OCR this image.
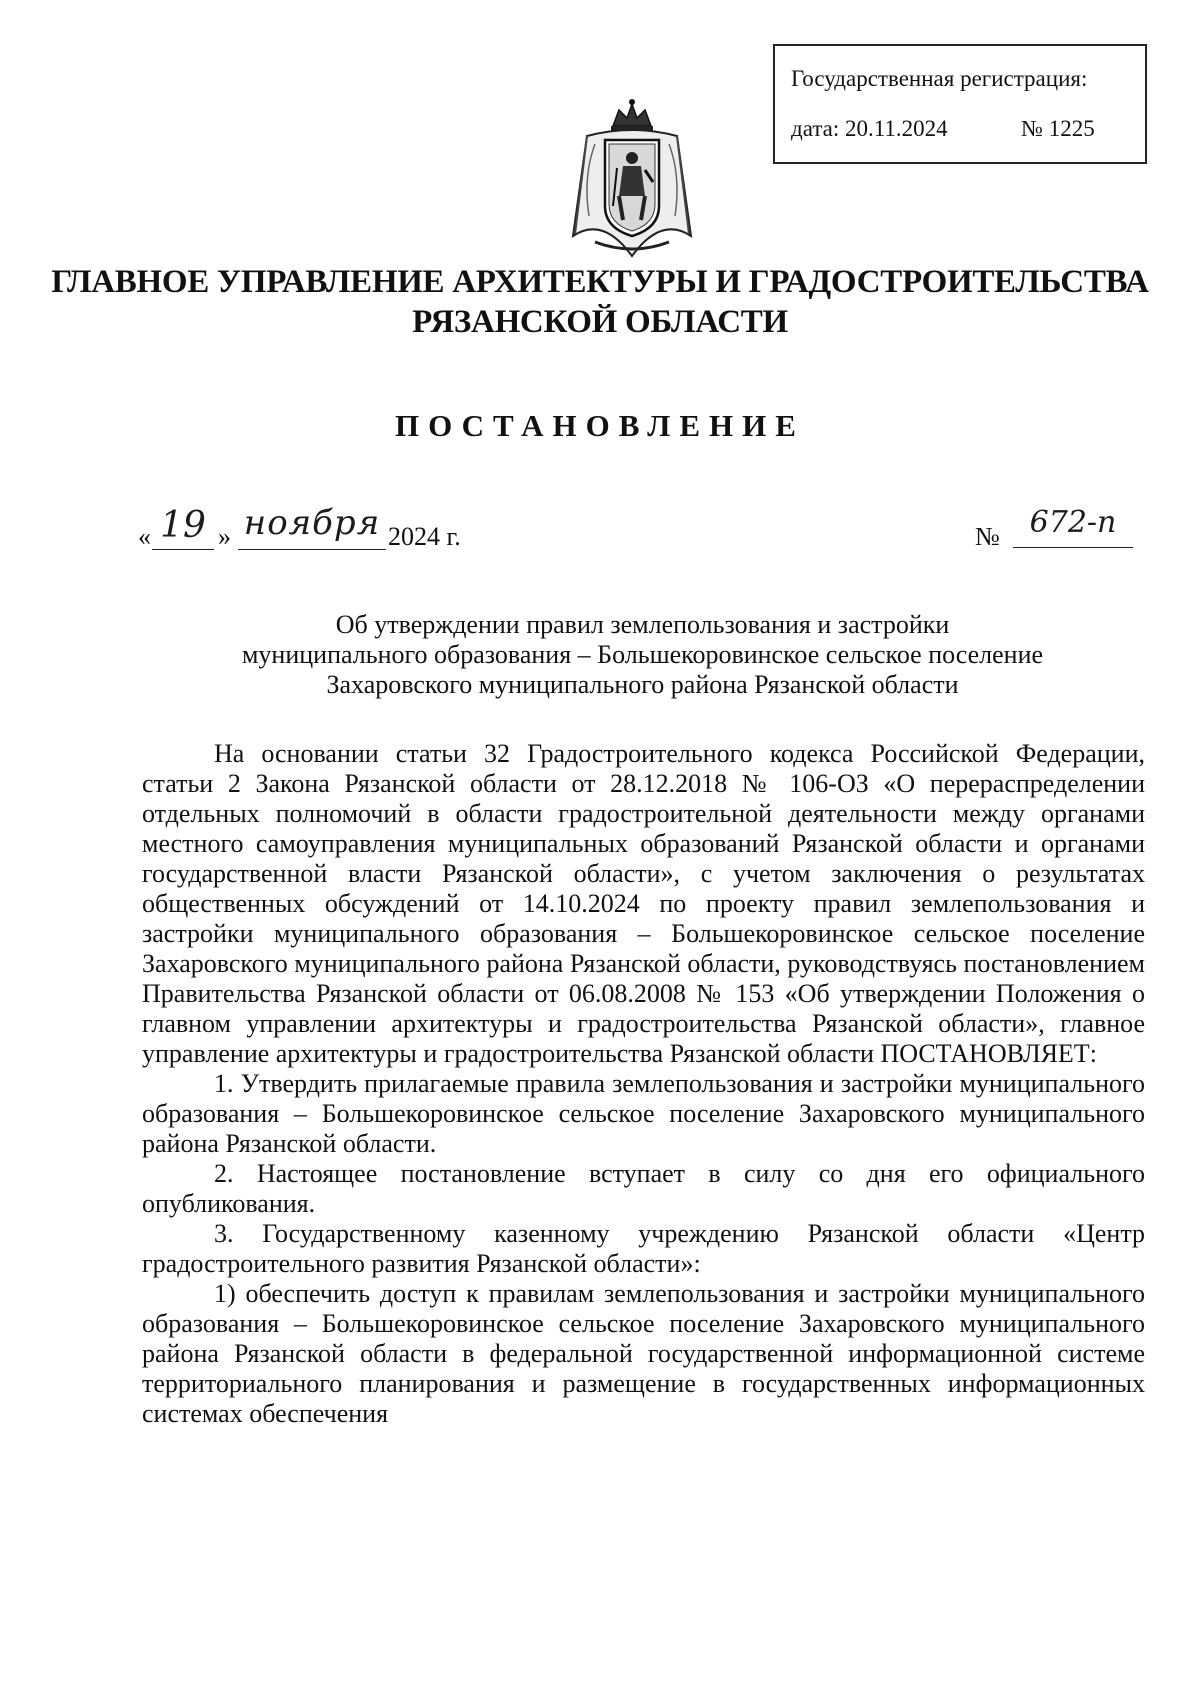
Государственная регистрация:
дата: 20.11.2024	№ 1225
ГЛАВНОЕ УПРАВЛЕНИЕ АРХИТЕКТУРЫ И ГРАДОСТРОИТЕЛЬСТВА
РЯЗАНСКОЙ ОБЛАСТИ
ПОСТАНОВЛЕНИЕ
« 19 » ноября 2024 г.	№ 672-п
Об утверждении правил землепользования и застройки
муниципального образования – Большекоровинское сельское поселение
Захаровского муниципального района Рязанской области

На основании статьи 32 Градостроительного кодекса Российской Федерации, статьи 2 Закона Рязанской области от 28.12.2018 № 106-ОЗ «О перераспределении отдельных полномочий в области градостроительной деятельности между органами местного самоуправления муниципальных образований Рязанской области и органами государственной власти Рязанской области», с учетом заключения о результатах общественных обсуждений от 14.10.2024 по проекту правил землепользования и застройки муниципального образования – Большекоровинское сельское поселение Захаровского муниципального района Рязанской области, руководствуясь постановлением Правительства Рязанской области от 06.08.2008 № 153 «Об утверждении Положения о главном управлении архитектуры и градостроительства Рязанской области», главное управление архитектуры и градостроительства Рязанской области ПОСТАНОВЛЯЕТ:

1. Утвердить прилагаемые правила землепользования и застройки муниципального образования – Большекоровинское сельское поселение Захаровского муниципального района Рязанской области.

2. Настоящее постановление вступает в силу со дня его официального опубликования.

3. Государственному казенному учреждению Рязанской области «Центр градостроительного развития Рязанской области»:

1) обеспечить доступ к правилам землепользования и застройки муниципального образования – Большекоровинское сельское поселение Захаровского муниципального района Рязанской области в федеральной государственной информационной системе территориального планирования и размещение в государственных информационных системах обеспечения
